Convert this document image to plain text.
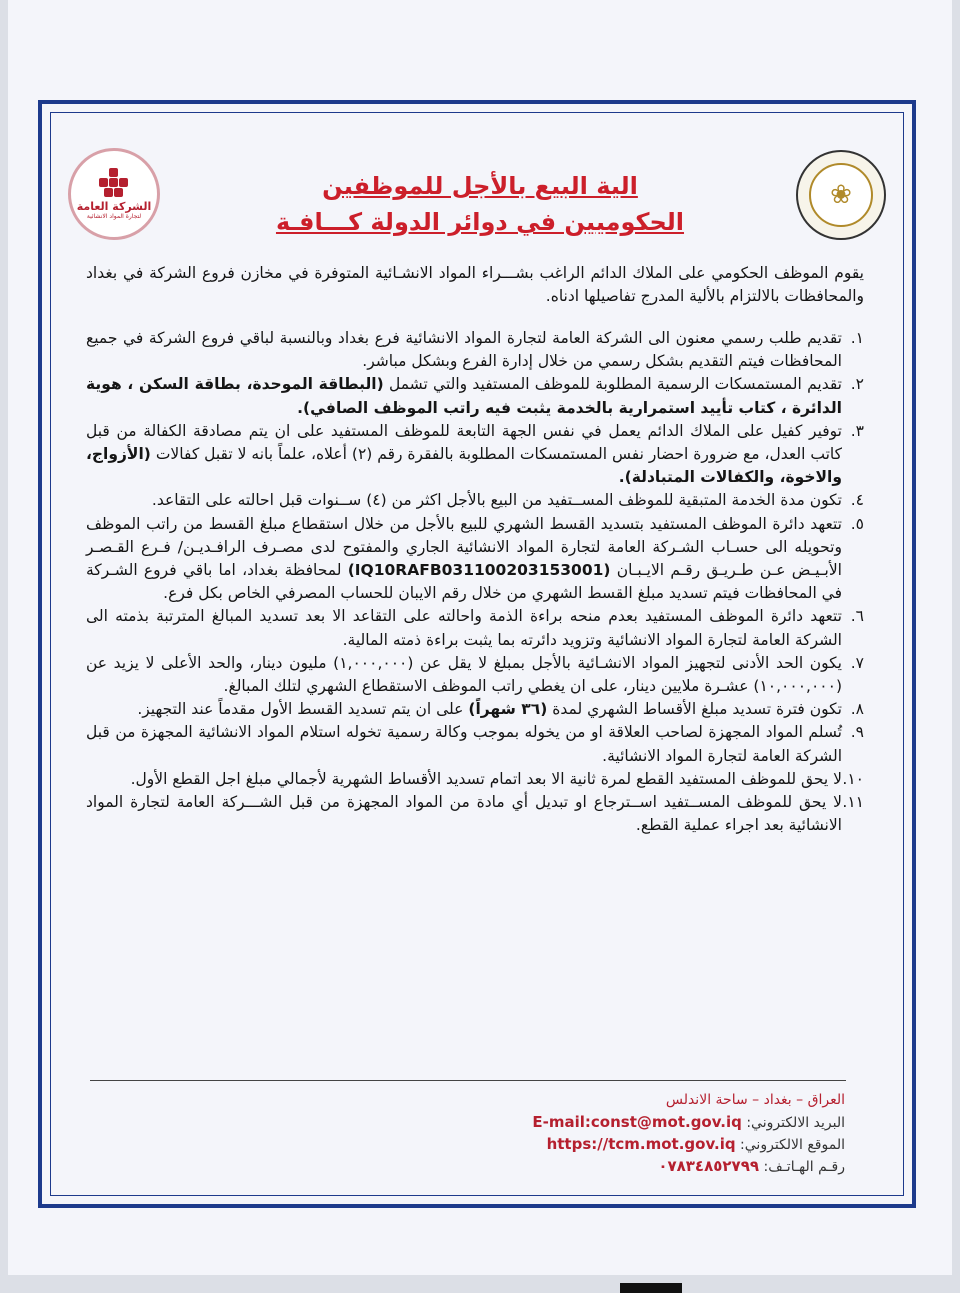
الشركة العامة
لتجارة المواد الانشائية
❀
الية البيع بالأجل للموظفين
الحكوميين في دوائر الدولة كـــافـة
يقوم الموظف الحكومي على الملاك الدائم الراغب بشـــراء المواد الانشـائية المتوفرة في مخازن فروع الشركة في بغداد والمحافظات بالالتزام بالألية المدرج تفاصيلها ادناه.
١.

تقديم طلب رسمي معنون الى الشركة العامة لتجارة المواد الانشائية فرع بغداد وبالنسبة لباقي فروع الشركة في جميع المحافظات فيتم التقديم بشكل رسمي من خلال إدارة الفرع وبشكل مباشر.

٢.

تقديم المستمسكات الرسمية المطلوبة للموظف المستفيد والتي تشمل (البطاقة الموحدة، بطاقة السكن ، هوية الدائرة ، كتاب تأييد استمرارية بالخدمة يثبت فيه راتب الموظف الصافي).

٣.

توفير كفيل على الملاك الدائم يعمل في نفس الجهة التابعة للموظف المستفيد على ان يتم مصادقة الكفالة من قبل كاتب العدل، مع ضرورة احضار نفس المستمسكات المطلوبة بالفقرة رقم (٢) أعلاه، علماً بانه لا تقبل كفالات (الأزواج، والاخوة، والكفالات المتبادلة).

٤.

تكون مدة الخدمة المتبقية للموظف المســتفيد من البيع بالأجل اكثر من (٤) ســنوات قبل احالته على التقاعد.

٥.

تتعهد دائرة الموظف المستفيد بتسديد القسط الشهري للبيع بالأجل من خلال استقطاع مبلغ القسط من راتب الموظف وتحويله الى حسـاب الشـركة العامة لتجارة المواد الانشائية الجاري والمفتوح لدى مصـرف الرافـديـن/ فـرع القـصـر الأبـيـض عـن طـريـق رقـم الايـبـان (IQ10RAFB031100203153001) لمحافظة بغداد، اما باقي فروع الشـركة في المحافظات فيتم تسديد مبلغ القسط الشهري من خلال رقم الايبان للحساب المصرفي الخاص بكل فرع.

٦.

تتعهد دائرة الموظف المستفيد بعدم منحه براءة الذمة واحالته على التقاعد الا بعد تسديد المبالغ المترتبة بذمته الى الشركة العامة لتجارة المواد الانشائية وتزويد دائرته بما يثبت براءة ذمته المالية.

٧.

يكون الحد الأدنى لتجهيز المواد الانشـائية بالأجل بمبلغ لا يقل عن (١,٠٠٠,٠٠٠) مليون دينار، والحد الأعلى لا يزيد عن (١٠,٠٠٠,٠٠٠) عشـرة ملايين دينار، على ان يغطي راتب الموظف الاستقطاع الشهري لتلك المبالغ.

٨.

تكون فترة تسديد مبلغ الأقساط الشهري لمدة (٣٦ شهراً) على ان يتم تسديد القسط الأول مقدماً عند التجهيز.

٩.

تُسلم المواد المجهزة لصاحب العلاقة او من يخوله بموجب وكالة رسمية تخوله استلام المواد الانشائية المجهزة من قبل الشركة العامة لتجارة المواد الانشائية.

١٠.

لا يحق للموظف المستفيد القطع لمرة ثانية الا بعد اتمام تسديد الأقساط الشهرية لأجمالي مبلغ اجل القطع الأول.

١١.

لا يحق للموظف المســتفيد اســترجاع او تبديل أي مادة من المواد المجهزة من قبل الشـــركة العامة لتجارة المواد الانشائية بعد اجراء عملية القطع.

العراق – بغداد – ساحة الاندلس
البريد الالكتروني: E-mail:const@mot.gov.iq
الموقع الالكتروني: https://tcm.mot.gov.iq
رقـم الهـاتـف: ٠٧٨٣٤٨٥٢٧٩٩
